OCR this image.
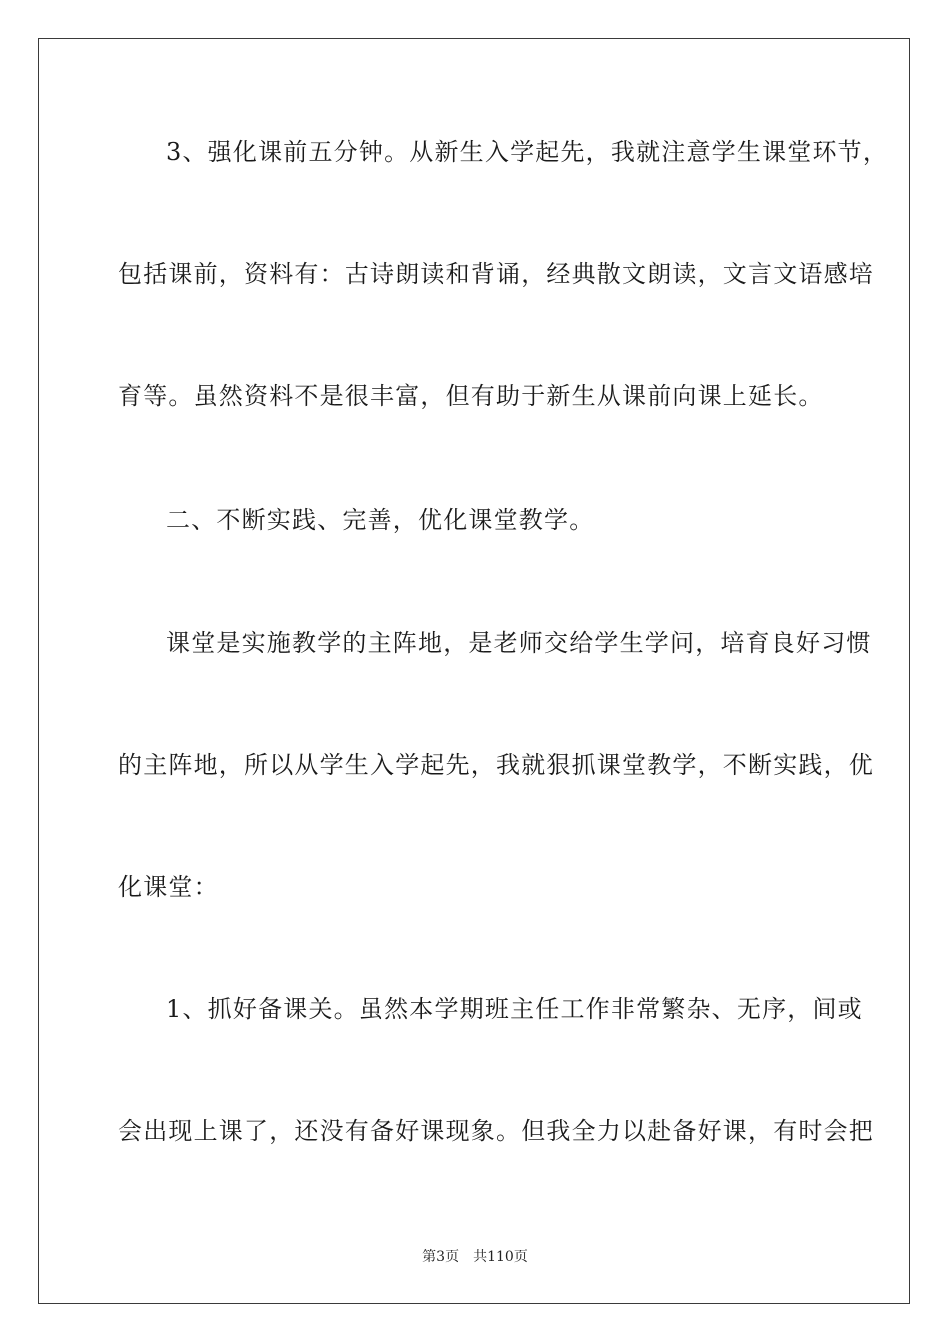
3、强化课前五分钟。从新生入学起先，我就注意学生课堂环节，
包括课前，资料有：古诗朗读和背诵，经典散文朗读，文言文语感培
育等。虽然资料不是很丰富，但有助于新生从课前向课上延长。
二、不断实践、完善，优化课堂教学。
课堂是实施教学的主阵地，是老师交给学生学问，培育良好习惯
的主阵地，所以从学生入学起先，我就狠抓课堂教学，不断实践，优
化课堂：
1、抓好备课关。虽然本学期班主任工作非常繁杂、无序，间或
会出现上课了，还没有备好课现象。但我全力以赴备好课，有时会把
第3页 共110页
